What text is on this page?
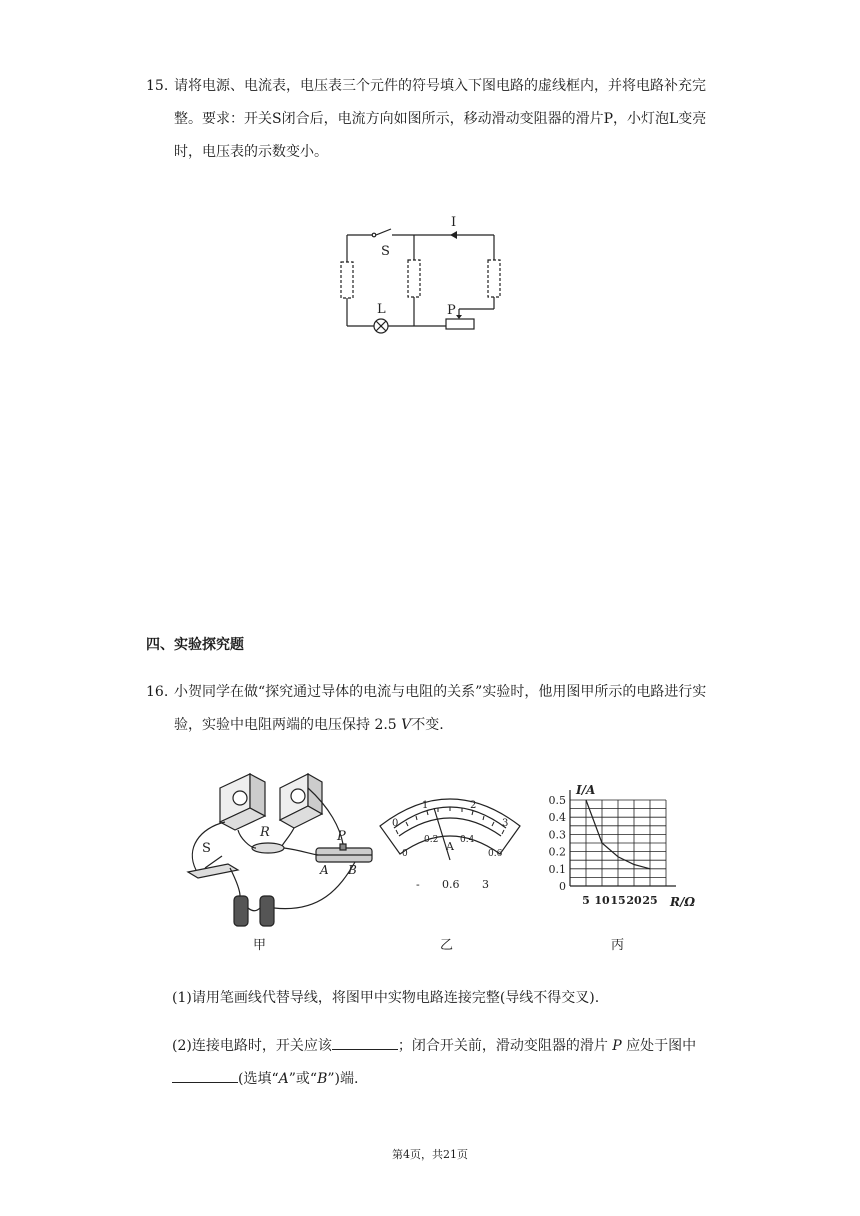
15. 请将电源、电流表，电压表三个元件的符号填入下图电路的虚线框内，并将电路补充完整。要求：开关S闭合后，电流方向如图所示，移动滑动变阻器的滑片P，小灯泡L变亮时，电压表的示数变小。
I
S
L	P
四、实验探究题
16. 小贺同学在做“探究通过导体的电流与电阻的关系”实验时，他用图甲所示的电路进行实验，实验中电阻两端的电压保持 2.5 V不变.
R
S
P
A B
0
1	2
3
0
0.2 0.4
0.6
A
- 0.6 3	0
0.1
0.2
0.3
0.4
0.5
5 10 15 20 25
I/A
R/Ω
甲	乙	丙
(1)请用笔画线代替导线，将图甲中实物电路连接完整(导线不得交叉).
(2)连接电路时，开关应该	；闭合开关前，滑动变阻器的滑片 P 应处于图中(选填“A”或“B”)端.
第4页，共21页
